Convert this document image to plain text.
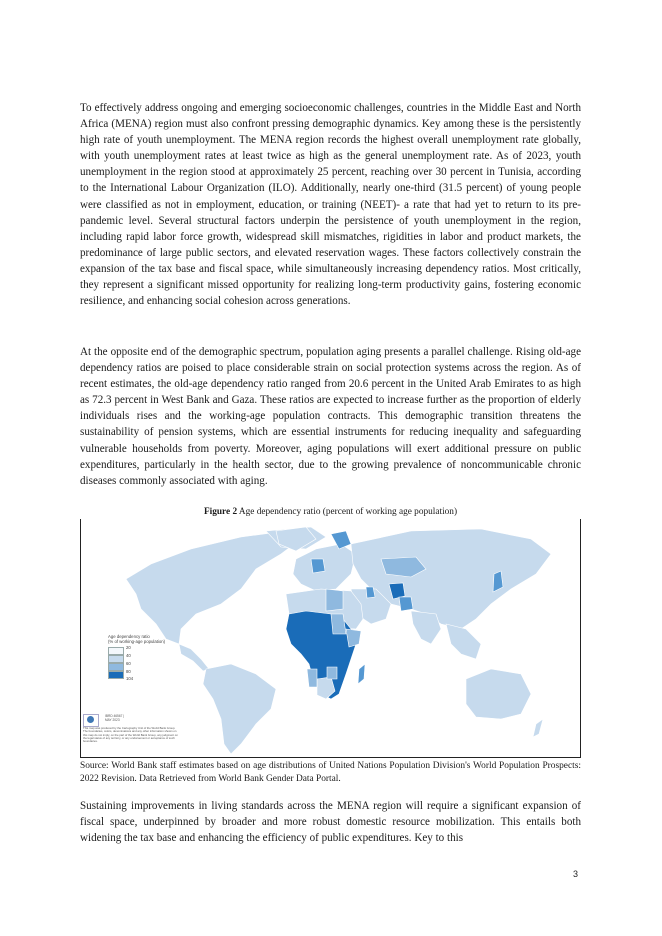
To effectively address ongoing and emerging socioeconomic challenges, countries in the Middle East and North Africa (MENA) region must also confront pressing demographic dynamics. Key among these is the persistently high rate of youth unemployment. The MENA region records the highest overall unemployment rate globally, with youth unemployment rates at least twice as high as the general unemployment rate. As of 2023, youth unemployment in the region stood at approximately 25 percent, reaching over 30 percent in Tunisia, according to the International Labour Organization (ILO). Additionally, nearly one-third (31.5 percent) of young people were classified as not in employment, education, or training (NEET)- a rate that had yet to return to its pre-pandemic level. Several structural factors underpin the persistence of youth unemployment in the region, including rapid labor force growth, widespread skill mismatches, rigidities in labor and product markets, the predominance of large public sectors, and elevated reservation wages. These factors collectively constrain the expansion of the tax base and fiscal space, while simultaneously increasing dependency ratios. Most critically, they represent a significant missed opportunity for realizing long-term productivity gains, fostering economic resilience, and enhancing social cohesion across generations.

At the opposite end of the demographic spectrum, population aging presents a parallel challenge. Rising old-age dependency ratios are poised to place considerable strain on social protection systems across the region. As of recent estimates, the old-age dependency ratio ranged from 20.6 percent in the United Arab Emirates to as high as 72.3 percent in West Bank and Gaza. These ratios are expected to increase further as the proportion of elderly individuals rises and the working-age population contracts. This demographic transition threatens the sustainability of pension systems, which are essential instruments for reducing inequality and safeguarding vulnerable households from poverty. Moreover, aging populations will exert additional pressure on public expenditures, particularly in the health sector, due to the growing prevalence of noncommunicable chronic diseases commonly associated with aging.

Figure 2 Age dependency ratio (percent of working age population)
Age dependency ratio
(% of working-age population)
20
40
60
80
104
IBRD 46567 |
MAY 2023
This map was produced by the Cartography Unit of the World Bank Group. The boundaries, colors, denominations and any other information shown on this map do not imply, on the part of the World Bank Group, any judgment on the legal status of any territory, or any endorsement or acceptance of such boundaries.

Source: World Bank staff estimates based on age distributions of United Nations Population Division's World Population Prospects: 2022 Revision. Data Retrieved from World Bank Gender Data Portal.

Sustaining improvements in living standards across the MENA region will require a significant expansion of fiscal space, underpinned by broader and more robust domestic resource mobilization. This entails both widening the tax base and enhancing the efficiency of public expenditures. Key to this

3
